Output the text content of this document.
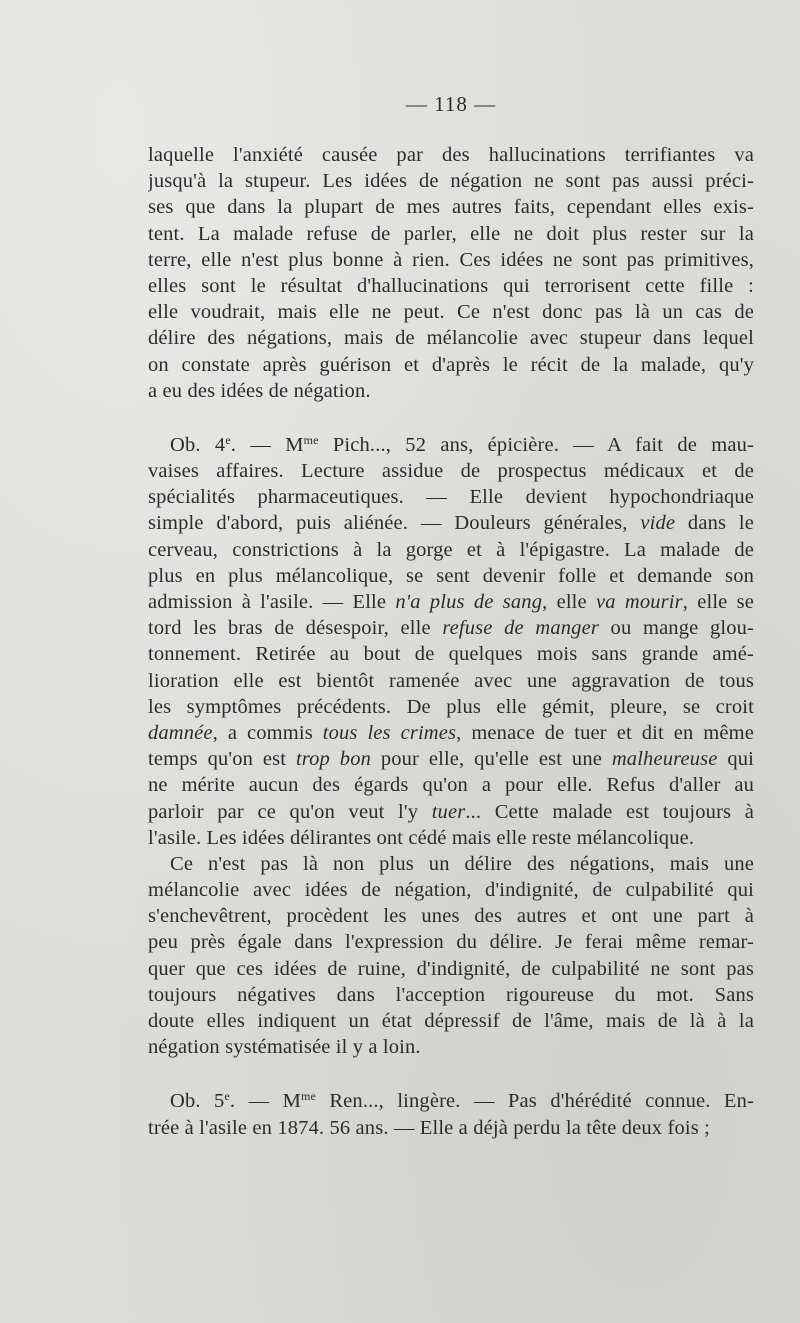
— 118 —
laquelle l'anxiété causée par des hallucinations terrifiantes va
jusqu'à la stupeur. Les idées de négation ne sont pas aussi préci-
ses que dans la plupart de mes autres faits, cependant elles exis-
tent. La malade refuse de parler, elle ne doit plus rester sur la
terre, elle n'est plus bonne à rien. Ces idées ne sont pas primitives,
elles sont le résultat d'hallucinations qui terrorisent cette fille :
elle voudrait, mais elle ne peut. Ce n'est donc pas là un cas de
délire des négations, mais de mélancolie avec stupeur dans lequel
on constate après guérison et d'après le récit de la malade, qu'y
a eu des idées de négation.
Ob. 4e. — $M^{me}$ Pich..., 52 ans, épicière. — A fait de mau-
vaises affaires. Lecture assidue de prospectus médicaux et de
spécialités pharmaceutiques. — Elle devient hypochondriaque
simple d'abord, puis aliénée. — Douleurs générales, vide dans le
cerveau, constrictions à la gorge et à l'épigastre. La malade de
plus en plus mélancolique, se sent devenir folle et demande son
admission à l'asile. — Elle n'a plus de sang, elle va mourir, elle se
tord les bras de désespoir, elle refuse de manger ou mange glou-
tonnement. Retirée au bout de quelques mois sans grande amé-
lioration elle est bientôt ramenée avec une aggravation de tous
les symptômes précédents. De plus elle gémit, pleure, se croit
damnée, a commis tous les crimes, menace de tuer et dit en même
temps qu'on est trop bon pour elle, qu'elle est une malheureuse qui
ne mérite aucun des égards qu'on a pour elle. Refus d'aller au
parloir par ce qu'on veut l'y tuer... Cette malade est toujours à
l'asile. Les idées délirantes ont cédé mais elle reste mélancolique.
Ce n'est pas là non plus un délire des négations, mais une
mélancolie avec idées de négation, d'indignité, de culpabilité qui
s'enchevêtrent, procèdent les unes des autres et ont une part à
peu près égale dans l'expression du délire. Je ferai même remar-
quer que ces idées de ruine, d'indignité, de culpabilité ne sont pas
toujours négatives dans l'acception rigoureuse du mot. Sans
doute elles indiquent un état dépressif de l'âme, mais de là à la
négation systématisée il y a loin.
Ob. 5e. — $M^{me}$ Ren..., lingère. — Pas d'hérédité connue. En-
trée à l'asile en 1874. 56 ans. — Elle a déjà perdu la tête deux fois ;
